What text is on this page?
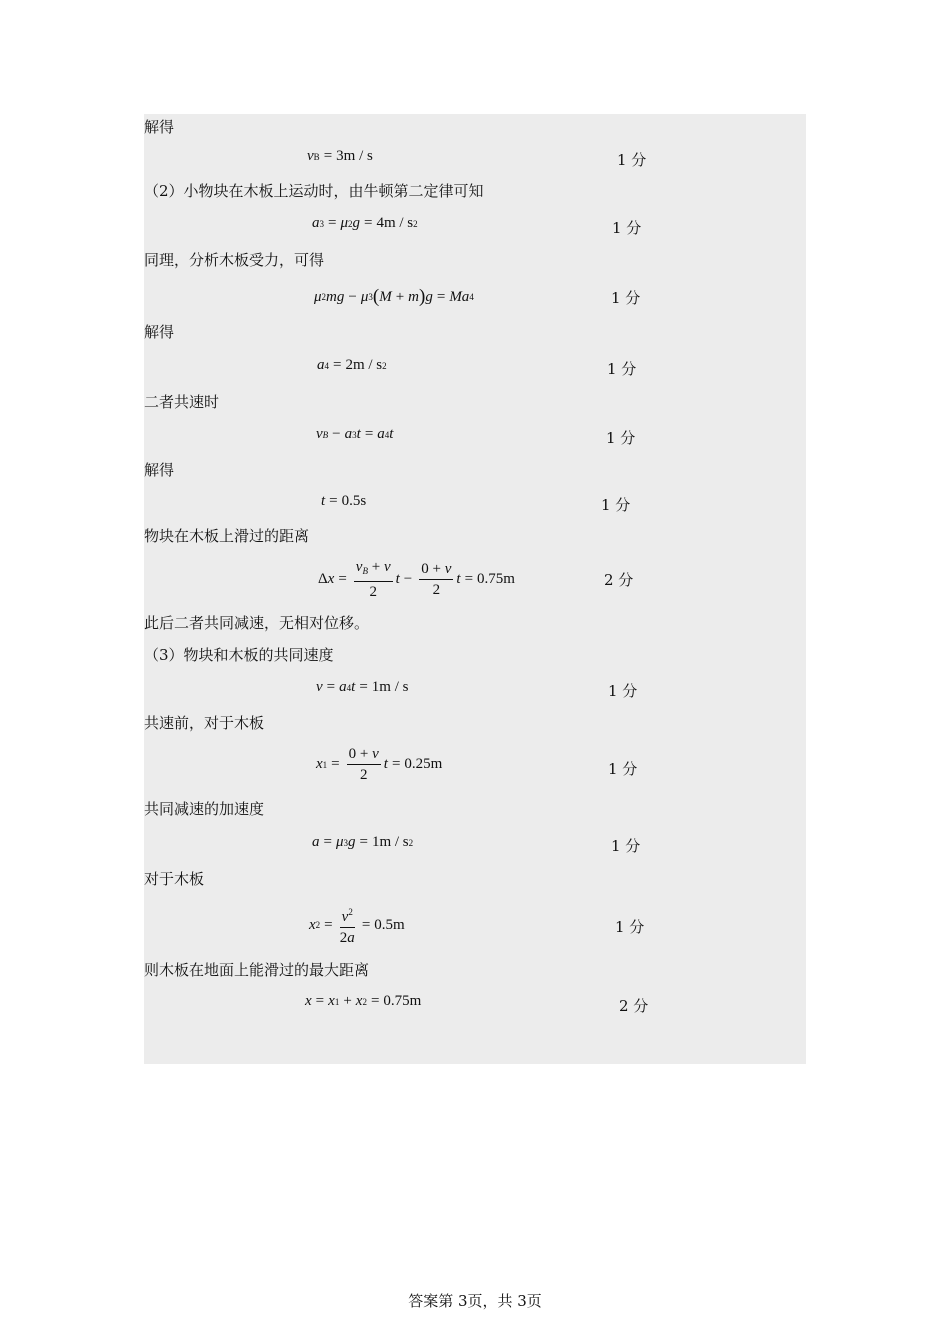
解得
v B = 3m / s	1 分
（2）小物块在木板上运动时，由牛顿第二定律可知
a 3 = μ 2 g = 4m / s 2	1 分
同理，分析木板受力，可得
μ 2 mg − μ 3 ( M + m ) g = Ma 4	1 分
解得
a 4 = 2m / s 2	1 分
二者共速时
v B − a 3 t = a 4 t	1 分
解得
t = 0.5s	1 分
物块在木板上滑过的距离
Δ $x = \frac{v_B + v}{2}$ $t - \frac{0 + v}{2}$ t = 0.75m	2 分
此后二者共同减速，无相对位移。
（3）物块和木板的共同速度
v = a 4 t = 1m / s	1 分
共速前，对于木板
x $1 = \frac{0 + v}{2}$ t = 0.25m	1 分
共同减速的加速度
a = μ 3 g = 1m / s 2	1 分
对于木板
x $2 = \frac{v^2}{2a} = 0.5m$	1 分
则木板在地面上能滑过的最大距离
x = x 1 + x 2 = 0.75m	2 分
答案第 3页，共 3页
